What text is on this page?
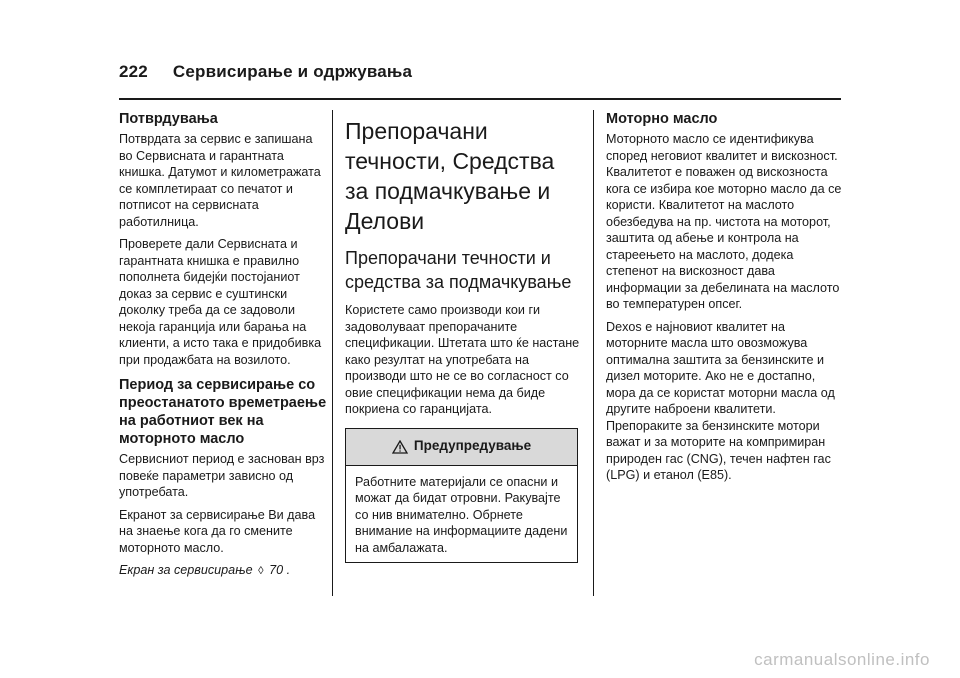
222 Сервисирање и одржувања
Потврдувања

Потврдата за сервис е запишана во Сервисната и гарантната книшка. Датумот и километражата се комплетираат со печатот и потписот на сервисната работилница.

Проверете дали Сервисната и гарантната книшка е правилно пополнета бидејќи постојаниот доказ за сервис е суштински доколку треба да се задоволи некоја гаранција или барања на клиенти, а исто така е придобивка при продажбата на возилото.

Период за сервисирање со преостанатото времетраење на работниот век на моторното масло

Сервисниот период е заснован врз повеќе параметри зависно од употребата.

Екранот за сервисирање Ви дава на знаење кога да го смените моторното масло.

Екран за сервисирање ◊ 70 .

Препорачани течности, Средства за подмачкување и Делови
Препорачани течности и средства за подмачкување

Користете само производи кои ги задоволуваат препорачаните спецификации. Штетата што ќе настане како резултат на употребата на производи што не се во согласност со овие спецификации нема да биде покриена со гаранцијата.

Предупредување
Работните материјали се опасни и можат да бидат отровни. Ракувајте со нив внимателно. Обрнете внимание на информациите дадени на амбалажата.
Моторно масло

Моторното масло се идентификува според неговиот квалитет и вискозност. Квалитетот е поважен од вискозноста кога се избира кое моторно масло да се користи. Квалитетот на маслото обезбедува на пр. чистота на моторот, заштита од абење и контрола на стареењето на маслото, додека степенот на вискозност дава информации за дебелината на маслото во температурен опсег.

Dexos е најновиот квалитет на моторните масла што овозможува оптимална заштита за бензинските и дизел моторите. Ако не е достапно, мора да се користат моторни масла од другите наброени квалитети. Препораките за бензинските мотори важат и за моторите на компримиран природен гас (CNG), течен нафтен гас (LPG) и етанол (E85).

carmanualsonline.info
